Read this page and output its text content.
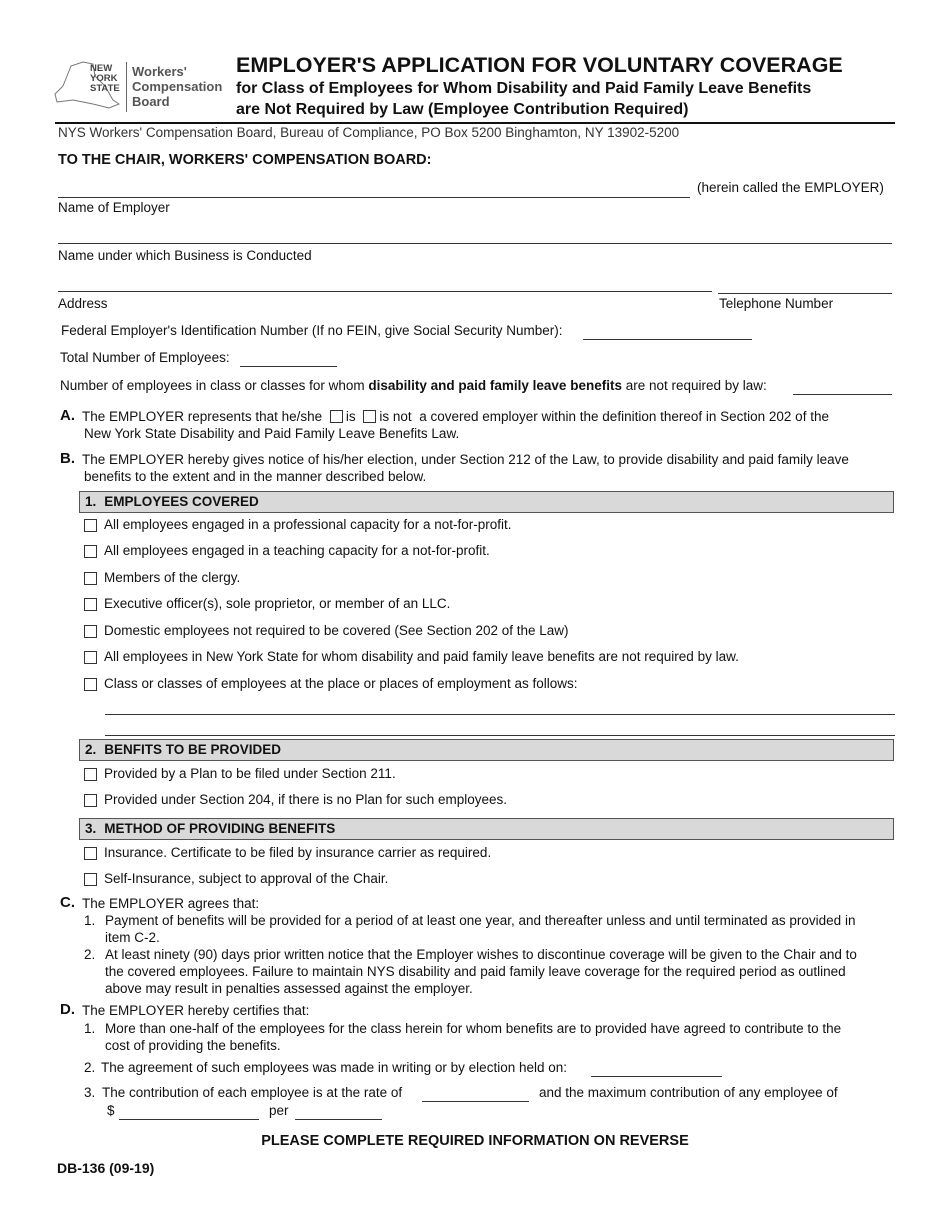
NEW
YORK
STATE
Workers'
Compensation
Board
EMPLOYER'S APPLICATION FOR VOLUNTARY COVERAGE
for Class of Employees for Whom Disability and Paid Family Leave Benefits
are Not Required by Law (Employee Contribution Required)
NYS Workers' Compensation Board, Bureau of Compliance, PO Box 5200 Binghamton, NY 13902-5200
TO THE CHAIR, WORKERS' COMPENSATION BOARD:
(herein called the EMPLOYER)
Name of Employer
Name under which Business is Conducted
Address	Telephone Number
Federal Employer's Identification Number (If no FEIN, give Social Security Number):
Total Number of Employees:
Number of employees in class or classes for whom disability and paid family leave benefits are not required by law:
A. The EMPLOYER represents that he/she is is not a covered employer within the definition thereof in Section 202 of the
New York State Disability and Paid Family Leave Benefits Law.
B. The EMPLOYER hereby gives notice of his/her election, under Section 212 of the Law, to provide disability and paid family leave
benefits to the extent and in the manner described below.
1. EMPLOYEES COVERED
All employees engaged in a professional capacity for a not-for-profit.
All employees engaged in a teaching capacity for a not-for-profit.
Members of the clergy.
Executive officer(s), sole proprietor, or member of an LLC.
Domestic employees not required to be covered (See Section 202 of the Law)
All employees in New York State for whom disability and paid family leave benefits are not required by law.
Class or classes of employees at the place or places of employment as follows:
2. BENFITS TO BE PROVIDED
Provided by a Plan to be filed under Section 211.
Provided under Section 204, if there is no Plan for such employees.
3. METHOD OF PROVIDING BENEFITS
Insurance. Certificate to be filed by insurance carrier as required.
Self-Insurance, subject to approval of the Chair.
C. The EMPLOYER agrees that:
1. Payment of benefits will be provided for a period of at least one year, and thereafter unless and until terminated as provided in
item C-2.
2. At least ninety (90) days prior written notice that the Employer wishes to discontinue coverage will be given to the Chair and to
the covered employees. Failure to maintain NYS disability and paid family leave coverage for the required period as outlined
above may result in penalties assessed against the employer.
D. The EMPLOYER hereby certifies that:
1. More than one-half of the employees for the class herein for whom benefits are to provided have agreed to contribute to the
cost of providing the benefits.
2. The agreement of such employees was made in writing or by election held on:
3. The contribution of each employee is at the rate of	and the maximum contribution of any employee of
$	per
PLEASE COMPLETE REQUIRED INFORMATION ON REVERSE
DB-136 (09-19)
